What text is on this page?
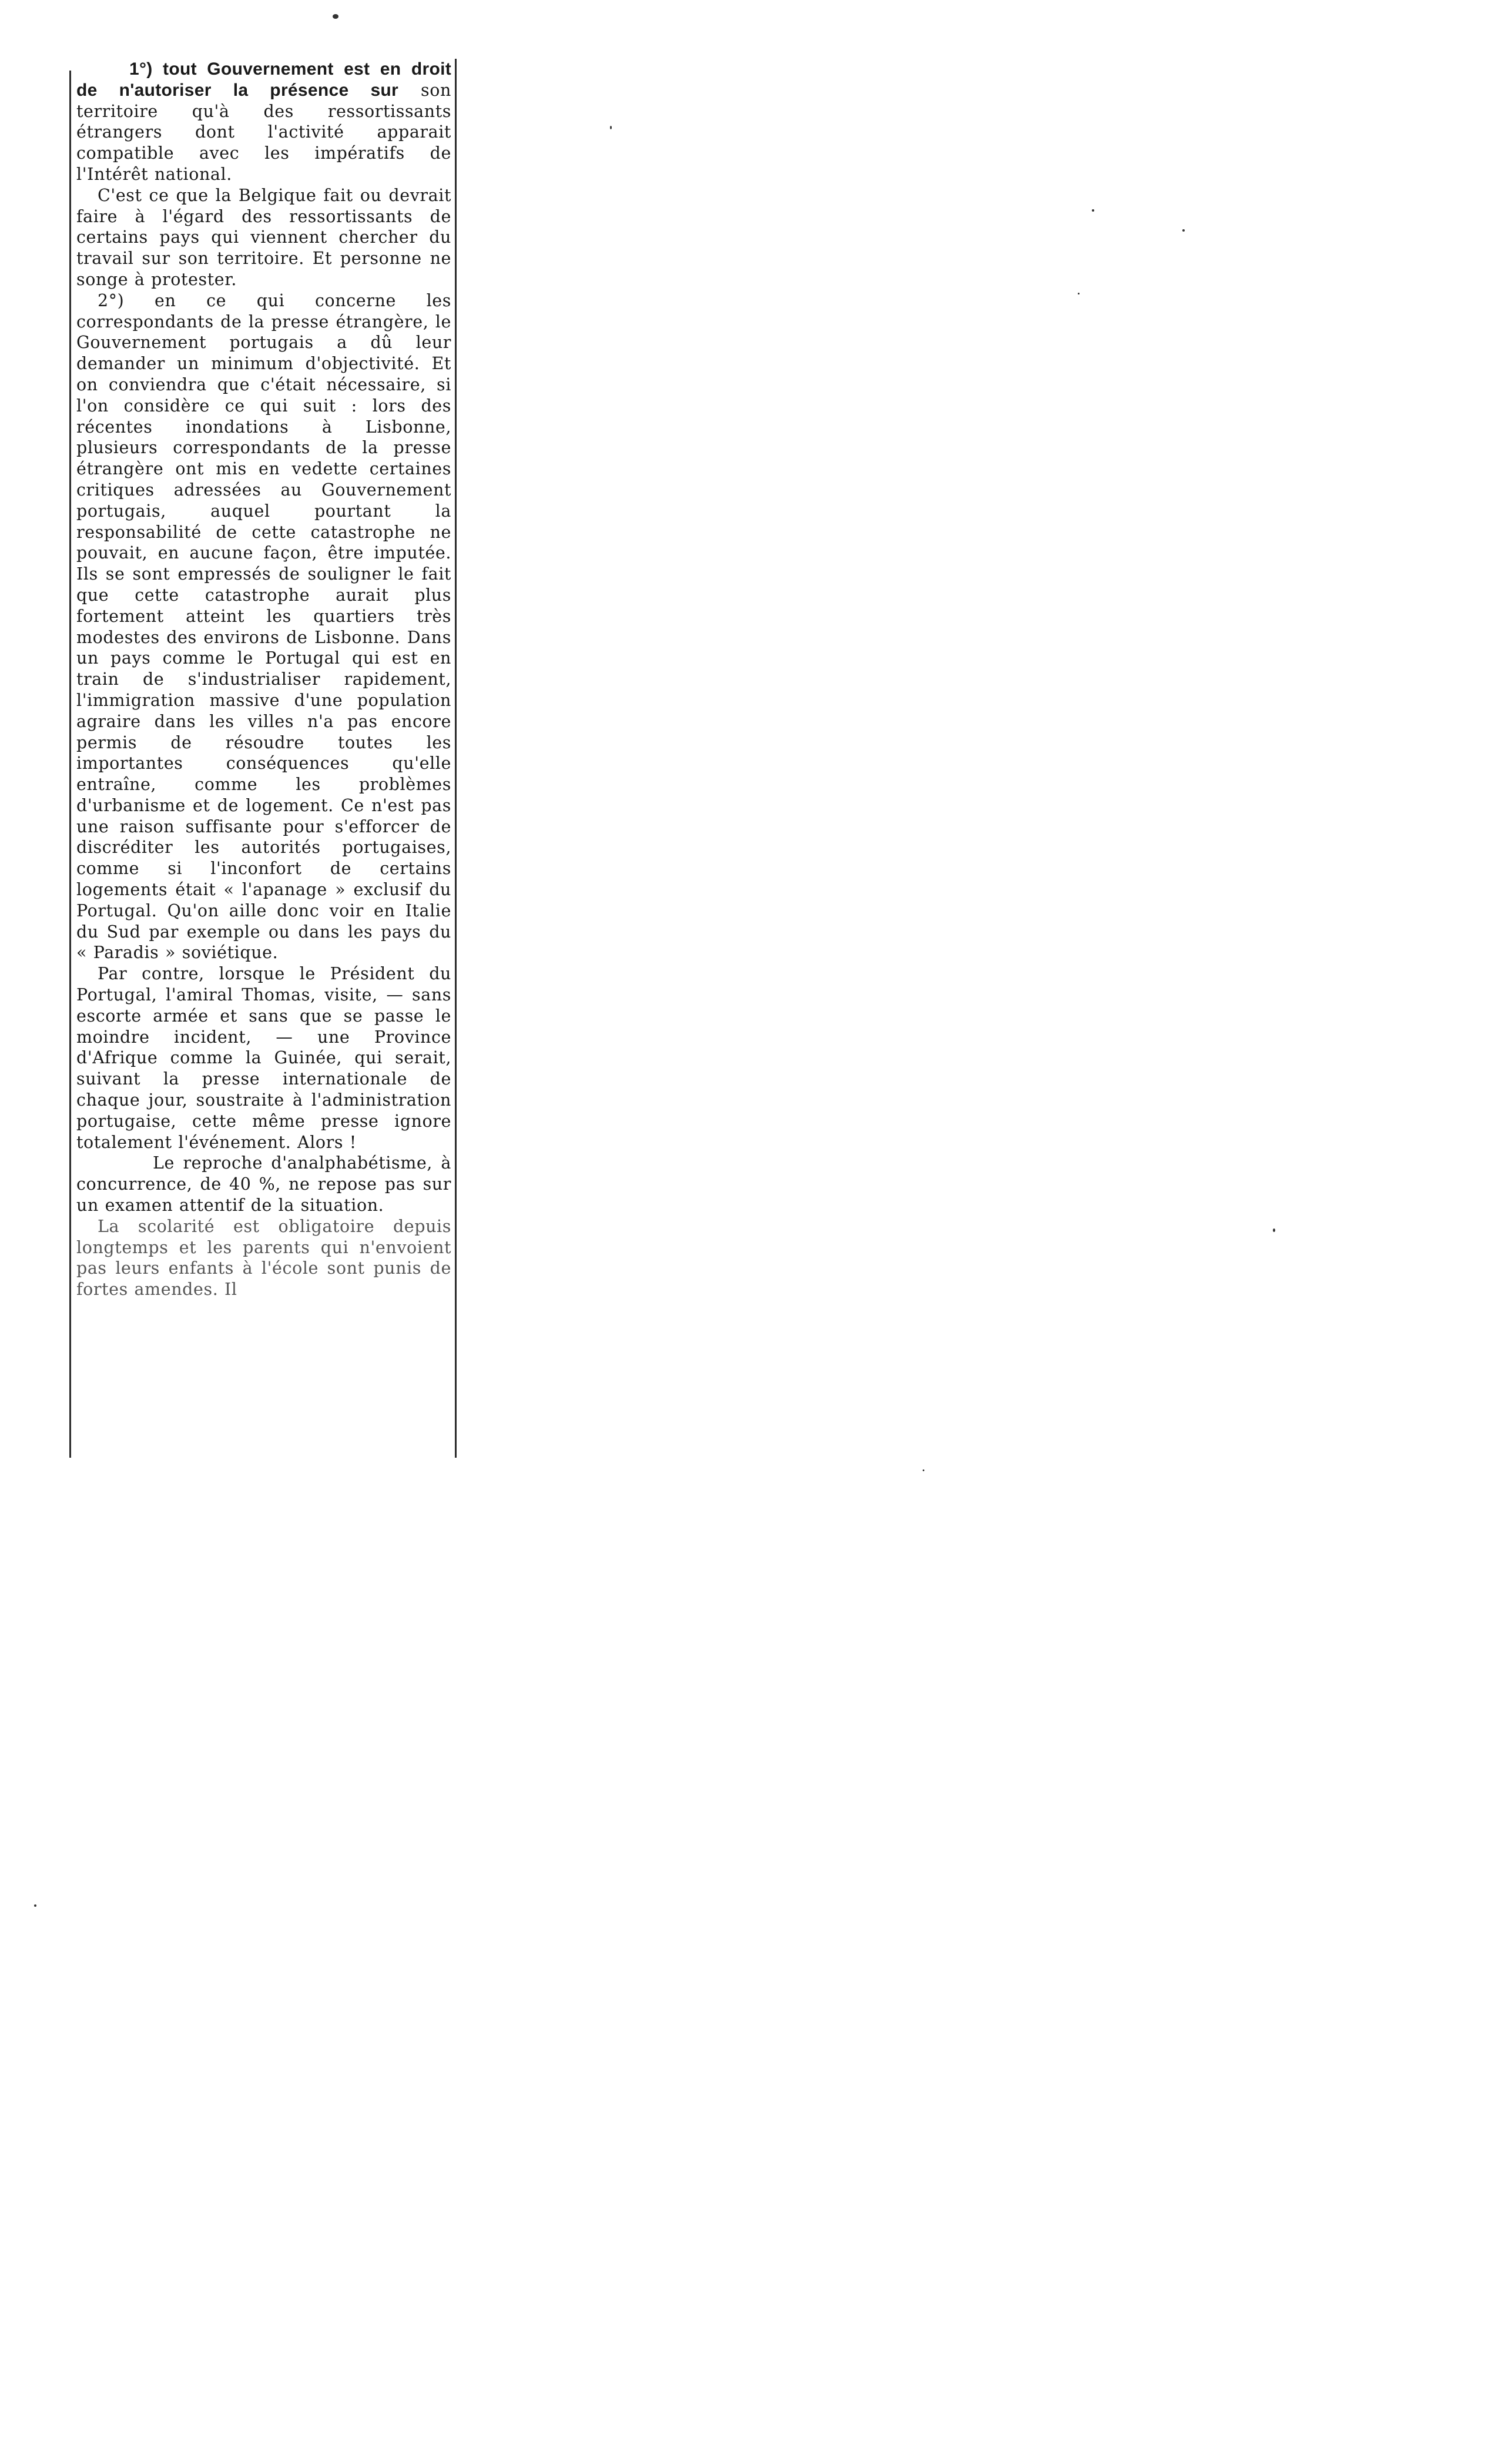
1°) tout Gouvernement est en droit de n'autoriser la présence sur son territoire qu'à des ressortissants étrangers dont l'activité apparait compatible avec les impératifs de l'Intérêt national.

C'est ce que la Belgique fait ou devrait faire à l'égard des ressortissants de certains pays qui viennent chercher du travail sur son territoire. Et personne ne songe à protester.

2°) en ce qui concerne les correspondants de la presse étrangère, le Gouvernement portugais a dû leur demander un minimum d'objectivité. Et on conviendra que c'était nécessaire, si l'on considère ce qui suit : lors des récentes inondations à Lisbonne, plusieurs correspondants de la presse étrangère ont mis en vedette certaines critiques adressées au Gouvernement portugais, auquel pourtant la responsabilité de cette catastrophe ne pouvait, en aucune façon, être imputée. Ils se sont empressés de souligner le fait que cette catastrophe aurait plus fortement atteint les quartiers très modestes des environs de Lisbonne. Dans un pays comme le Portugal qui est en train de s'industrialiser rapidement, l'immigration massive d'une population agraire dans les villes n'a pas encore permis de résoudre toutes les importantes conséquences qu'elle entraîne, comme les problèmes d'urbanisme et de logement. Ce n'est pas une raison suffisante pour s'efforcer de discréditer les autorités portugaises, comme si l'inconfort de certains logements était « l'apanage » exclusif du Portugal. Qu'on aille donc voir en Italie du Sud par exemple ou dans les pays du « Paradis » soviétique.

Par contre, lorsque le Président du Portugal, l'amiral Thomas, visite, — sans escorte armée et sans que se passe le moindre incident, — une Province d'Afrique comme la Guinée, qui serait, suivant la presse internationale de chaque jour, soustraite à l'administration portugaise, cette même presse ignore totalement l'événement. Alors !

Le reproche d'analphabétisme, à concurrence, de 40 %, ne repose pas sur un examen attentif de la situation.

La scolarité est obligatoire depuis longtemps et les parents qui n'envoient pas leurs enfants à l'école sont punis de fortes amendes. Il
